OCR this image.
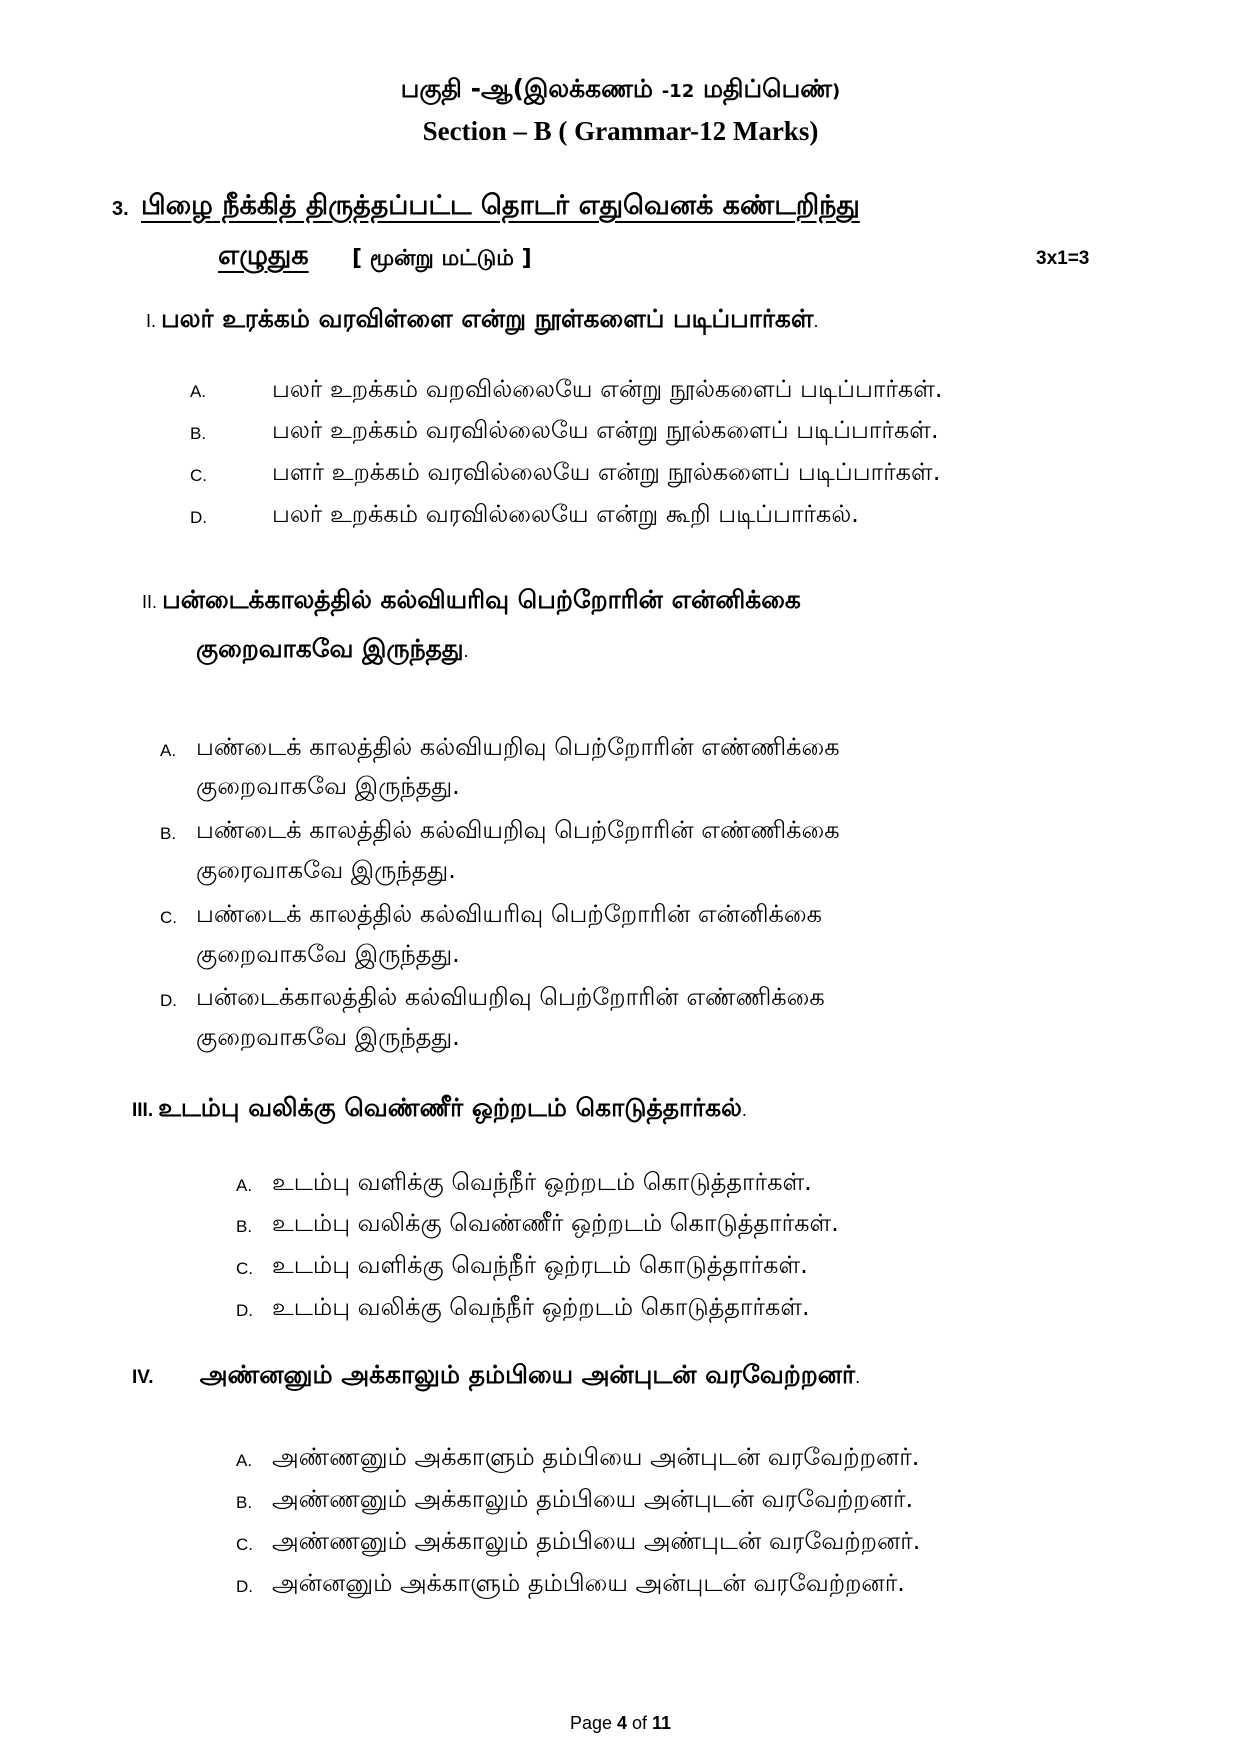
பகுதி -ஆ(இலக்கணம் -12 மதிப்பெண்)
Section – B ( Grammar-12 Marks)
3. பிழை நீக்கித் திருத்தப்பட்ட தொடர் எதுவெனக் கண்டறிந்து
எழுதுக	[ மூன்று மட்டும் ]	3x1=3
I. பலர் உரக்கம் வரவிள்ளை என்று நூள்களைப் படிப்பார்கள்.
A.	பலர் உறக்கம் வறவில்லையே என்று நூல்களைப் படிப்பார்கள்.
B.	பலர் உறக்கம் வரவில்லையே என்று நூல்களைப் படிப்பார்கள்.
C.	பளர் உறக்கம் வரவில்லையே என்று நூல்களைப் படிப்பார்கள்.
D.	பலர் உறக்கம் வரவில்லையே என்று கூறி படிப்பார்கல்.
II. பன்டைக்காலத்தில் கல்வியரிவு பெற்றோரின் என்னிக்கை
குறைவாகவே இருந்தது.
A. பண்டைக் காலத்தில் கல்வியறிவு பெற்றோரின் எண்ணிக்கை
குறைவாகவே இருந்தது.
B. பண்டைக் காலத்தில் கல்வியறிவு பெற்றோரின் எண்ணிக்கை
குரைவாகவே இருந்தது.
C. பண்டைக் காலத்தில் கல்வியரிவு பெற்றோரின் என்னிக்கை
குறைவாகவே இருந்தது.
D. பன்டைக்காலத்தில் கல்வியறிவு பெற்றோரின் எண்ணிக்கை
குறைவாகவே இருந்தது.
III. உடம்பு வலிக்கு வெண்ணீர் ஒற்றடம் கொடுத்தார்கல்.
A. உடம்பு வளிக்கு வெந்நீர் ஒற்றடம் கொடுத்தார்கள்.
B. உடம்பு வலிக்கு வெண்ணீர் ஒற்றடம் கொடுத்தார்கள்.
C. உடம்பு வளிக்கு வெந்நீர் ஒற்ரடம் கொடுத்தார்கள்.
D. உடம்பு வலிக்கு வெந்நீர் ஒற்றடம் கொடுத்தார்கள்.
IV. அண்னனும் அக்காலும் தம்பியை அன்புடன் வரவேற்றனர்.
A. அண்ணனும் அக்காளும் தம்பியை அன்புடன் வரவேற்றனர்.
B. அண்ணனும் அக்காலும் தம்பியை அன்புடன் வரவேற்றனர்.
C. அண்ணனும் அக்காலும் தம்பியை அண்புடன் வரவேற்றனர்.
D. அன்னனும் அக்காளும் தம்பியை அன்புடன் வரவேற்றனர்.
Page 4 of 11
